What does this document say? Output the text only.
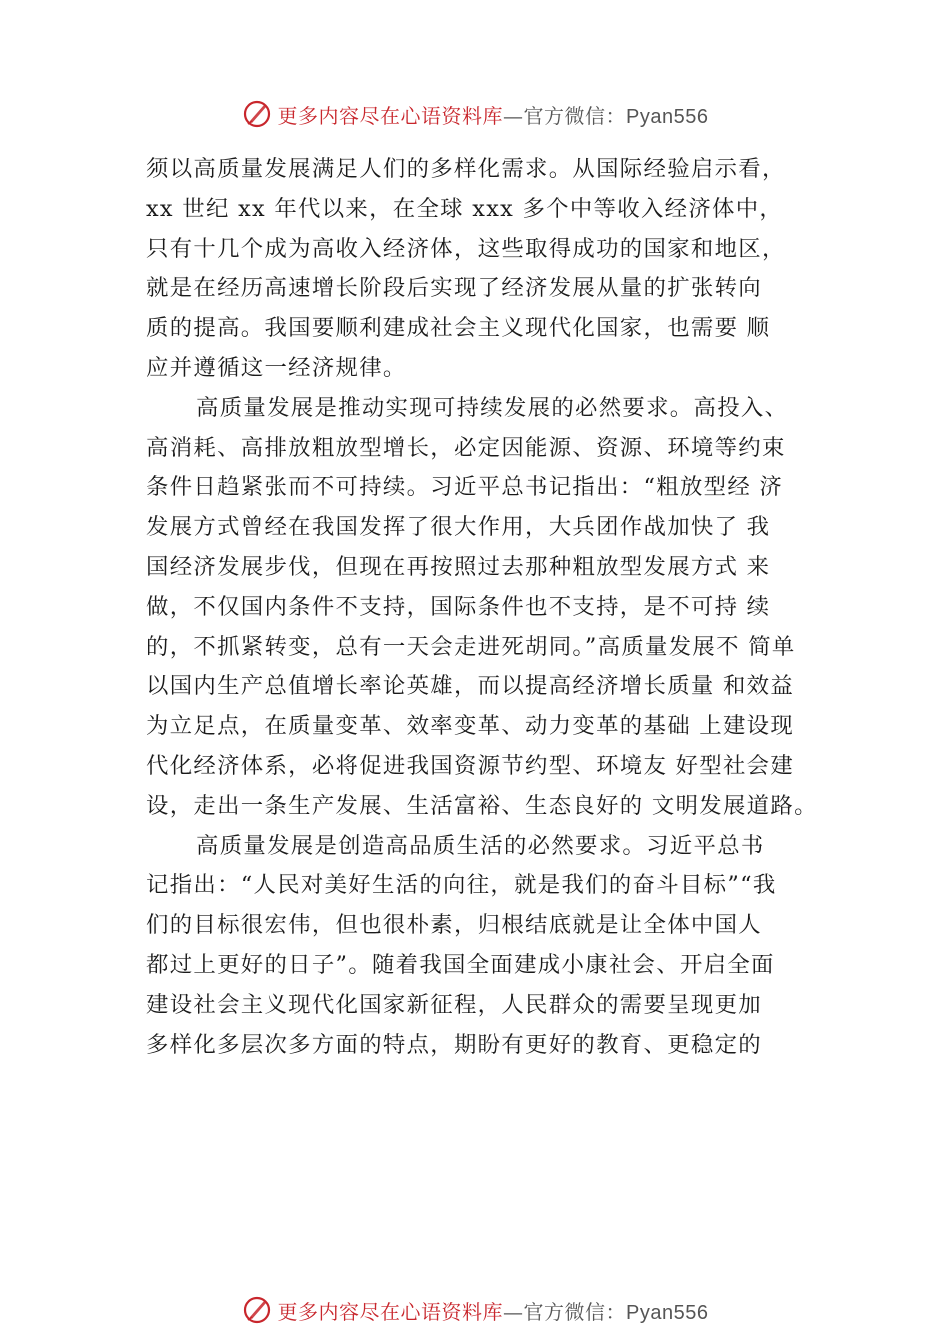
更多内容尽在心语资料库—官方微信：Pyan556
须以高质量发展满足人们的多样化需求。从国际经验启示看，
xx 世纪 xx 年代以来，在全球 xxx 多个中等收入经济体中，
只有十几个成为高收入经济体，这些取得成功的国家和地区，
就是在经历高速增长阶段后实现了经济发展从量的扩张转向
质的提高。我国要顺利建成社会主义现代化国家，也需要 顺
应并遵循这一经济规律。
高质量发展是推动实现可持续发展的必然要求。高投入、
高消耗、高排放粗放型增长，必定因能源、资源、环境等约束
条件日趋紧张而不可持续。习近平总书记指出：“粗放型经 济
发展方式曾经在我国发挥了很大作用，大兵团作战加快了 我
国经济发展步伐，但现在再按照过去那种粗放型发展方式 来
做，不仅国内条件不支持，国际条件也不支持，是不可持 续
的，不抓紧转变，总有一天会走进死胡同。”高质量发展不 简单
以国内生产总值增长率论英雄，而以提高经济增长质量 和效益
为立足点，在质量变革、效率变革、动力变革的基础 上建设现
代化经济体系，必将促进我国资源节约型、环境友 好型社会建
设，走出一条生产发展、生活富裕、生态良好的 文明发展道路。
高质量发展是创造高品质生活的必然要求。习近平总书
记指出：“人民对美好生活的向往，就是我们的奋斗目标”“我
们的目标很宏伟，但也很朴素，归根结底就是让全体中国人
都过上更好的日子”。随着我国全面建成小康社会、开启全面
建设社会主义现代化国家新征程，人民群众的需要呈现更加
多样化多层次多方面的特点，期盼有更好的教育、更稳定的
更多内容尽在心语资料库—官方微信：Pyan556
